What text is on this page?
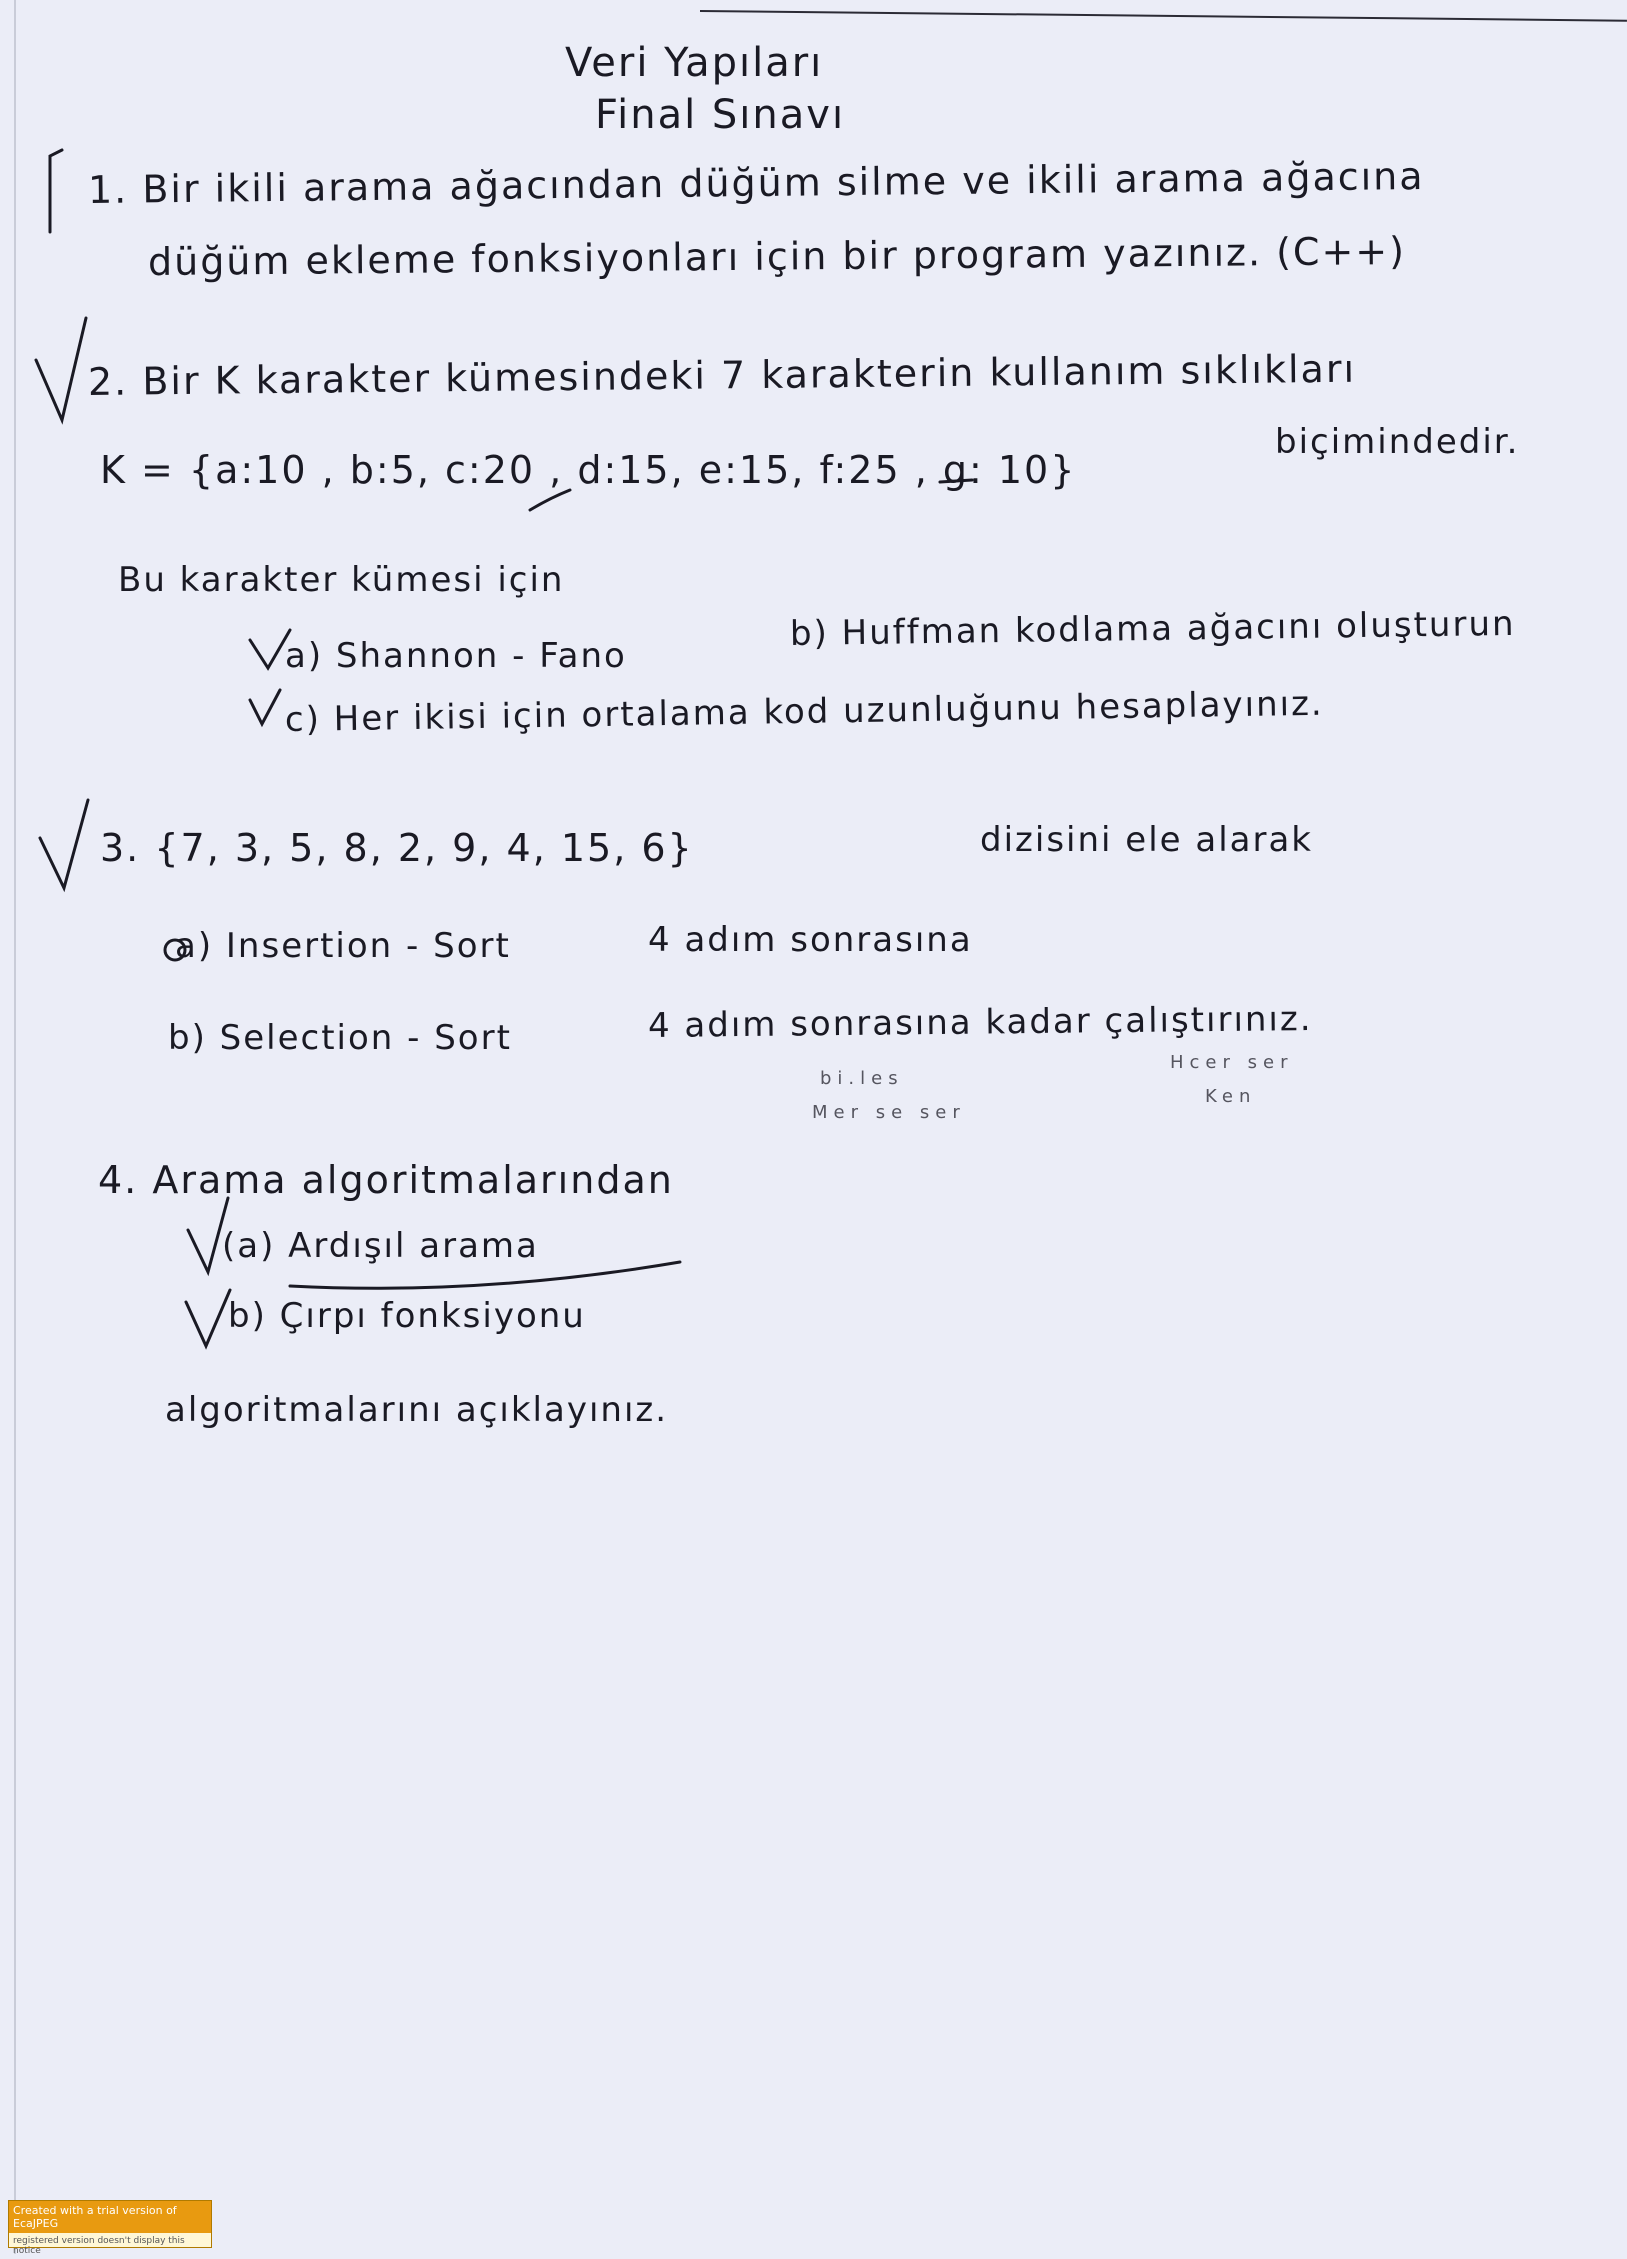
Veri Yapıları
Final Sınavı
1. Bir ikili arama ağacından düğüm silme ve ikili arama ağacına
düğüm ekleme fonksiyonları için bir program yazınız. (C++)
2. Bir K karakter kümesindeki 7 karakterin kullanım sıklıkları
K = {a:10 , b:5, c:20 , d:15, e:15, f:25 , g: 10}
biçimindedir.
Bu karakter kümesi için
a) Shannon - Fano
b) Huffman kodlama ağacını oluşturun
c) Her ikisi için ortalama kod uzunluğunu hesaplayınız.
3. {7, 3, 5, 8, 2, 9, 4, 15, 6}	dizisini ele alarak
a) Insertion - Sort	4 adım sonrasına
b) Selection - Sort	4 adım sonrasına kadar çalıştırınız.
bi.les
Mer se ser
Hcer ser
Ken
4. Arama algoritmalarından
(a) Ardışıl arama
b) Çırpı fonksiyonu
algoritmalarını açıklayınız.
Created with a trial version of EcaJPEG
registered version doesn't display this notice
